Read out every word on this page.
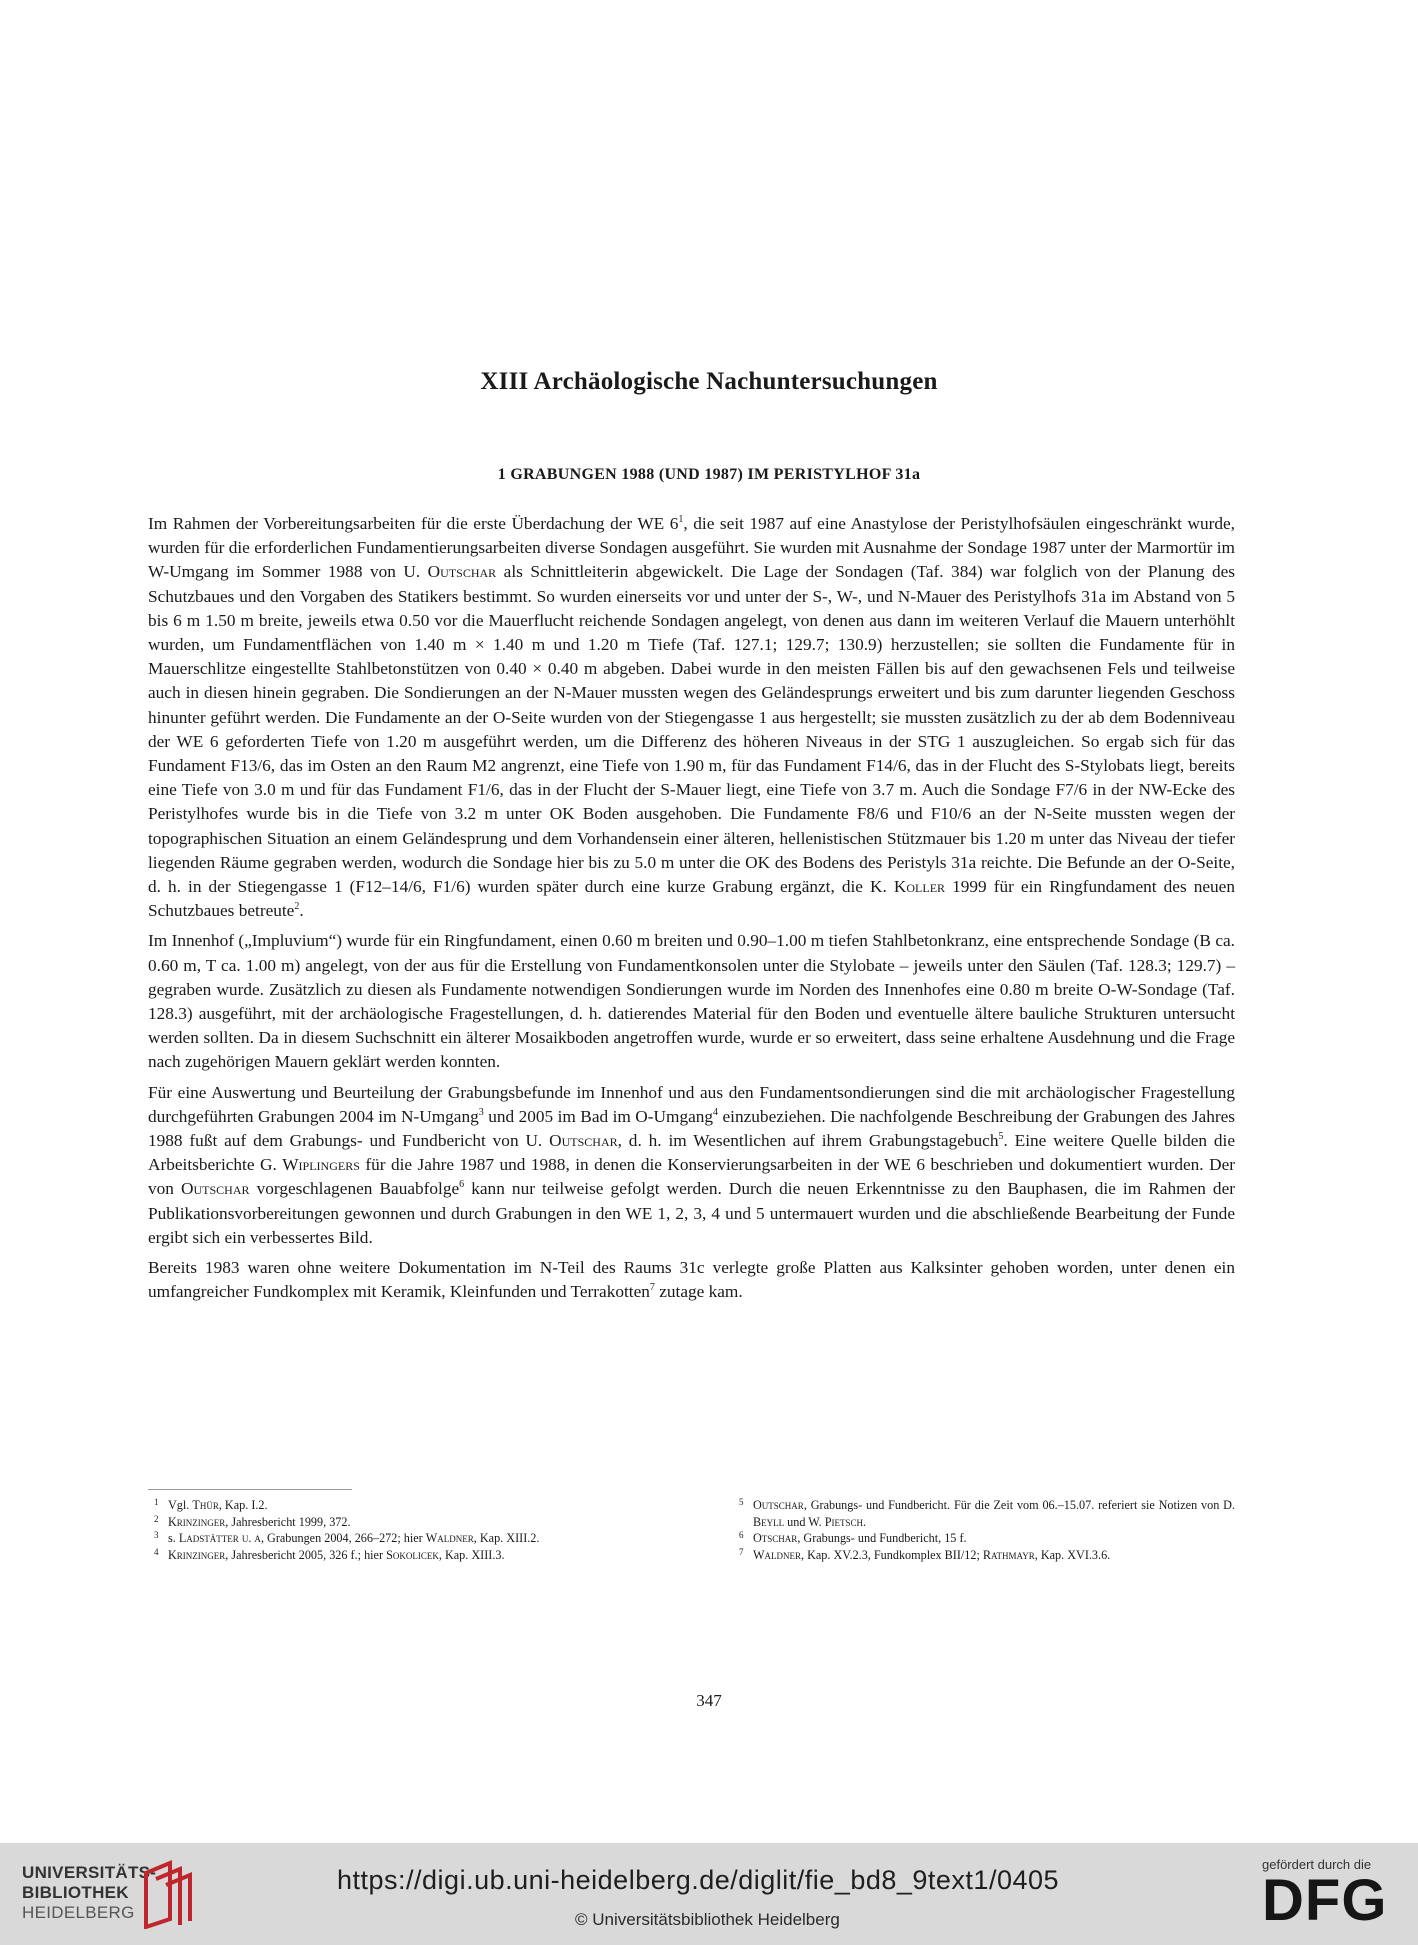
XIII Archäologische Nachuntersuchungen
1 GRABUNGEN 1988 (UND 1987) IM PERISTYLHOF 31a

Im Rahmen der Vorbereitungsarbeiten für die erste Überdachung der WE $6^1$, die seit 1987 auf eine Anastylose der Peristylhofsäulen eingeschränkt wurde, wurden für die erforderlichen Fundamentierungsarbeiten diverse Sondagen ausgeführt. Sie wurden mit Ausnahme der Sondage 1987 unter der Marmortür im W-Umgang im Sommer 1988 von U. Outschar als Schnittleiterin abgewickelt. Die Lage der Sondagen (Taf. 384) war folglich von der Planung des Schutzbaues und den Vorgaben des Statikers bestimmt. So wurden einerseits vor und unter der S-, W-, und N-Mauer des Peristylhofs 31a im Abstand von 5 bis 6 m 1.50 m breite, jeweils etwa 0.50 vor die Mauerflucht reichende Sondagen angelegt, von denen aus dann im weiteren Verlauf die Mauern unterhöhlt wurden, um Fundamentflächen von 1.40 m × 1.40 m und 1.20 m Tiefe (Taf. 127.1; 129.7; 130.9) herzustellen; sie sollten die Fundamente für in Mauerschlitze eingestellte Stahlbetonstützen von 0.40 × 0.40 m abgeben. Dabei wurde in den meisten Fällen bis auf den gewachsenen Fels und teilweise auch in diesen hinein gegraben. Die Sondierungen an der N-Mauer mussten wegen des Geländesprungs erweitert und bis zum darunter liegenden Geschoss hinunter geführt werden. Die Fundamente an der O-Seite wurden von der Stiegengasse 1 aus hergestellt; sie mussten zusätzlich zu der ab dem Bodenniveau der WE 6 geforderten Tiefe von 1.20 m ausgeführt werden, um die Differenz des höheren Niveaus in der STG 1 auszugleichen. So ergab sich für das Fundament F13/6, das im Osten an den Raum M2 angrenzt, eine Tiefe von 1.90 m, für das Fundament F14/6, das in der Flucht des S-Stylobats liegt, bereits eine Tiefe von 3.0 m und für das Fundament F1/6, das in der Flucht der S-Mauer liegt, eine Tiefe von 3.7 m. Auch die Sondage F7/6 in der NW-Ecke des Peristylhofes wurde bis in die Tiefe von 3.2 m unter OK Boden ausgehoben. Die Fundamente F8/6 und F10/6 an der N-Seite mussten wegen der topographischen Situation an einem Geländesprung und dem Vorhandensein einer älteren, hellenistischen Stützmauer bis 1.20 m unter das Niveau der tiefer liegenden Räume gegraben werden, wodurch die Sondage hier bis zu 5.0 m unter die OK des Bodens des Peristyls 31a reichte. Die Befunde an der O-Seite, d. h. in der Stiegengasse 1 (F12–14/6, F1/6) wurden später durch eine kurze Grabung ergänzt, die K. Koller 1999 für ein Ringfundament des neuen Schutzbaues betreute$^2$.

Im Innenhof („Impluvium“) wurde für ein Ringfundament, einen 0.60 m breiten und 0.90–1.00 m tiefen Stahlbetonkranz, eine entsprechende Sondage (B ca. 0.60 m, T ca. 1.00 m) angelegt, von der aus für die Erstellung von Fundamentkonsolen unter die Stylobate – jeweils unter den Säulen (Taf. 128.3; 129.7) – gegraben wurde. Zusätzlich zu diesen als Fundamente notwendigen Sondierungen wurde im Norden des Innenhofes eine 0.80 m breite O-W-Sondage (Taf. 128.3) ausgeführt, mit der archäologische Fragestellungen, d. h. datierendes Material für den Boden und eventuelle ältere bauliche Strukturen untersucht werden sollten. Da in diesem Suchschnitt ein älterer Mosaikboden angetroffen wurde, wurde er so erweitert, dass seine erhaltene Ausdehnung und die Frage nach zugehörigen Mauern geklärt werden konnten.

Für eine Auswertung und Beurteilung der Grabungsbefunde im Innenhof und aus den Fundamentsondierungen sind die mit archäologischer Fragestellung durchgeführten Grabungen 2004 im N-Umgang$^3$ und 2005 im Bad im O-Umgang$^4$ einzubeziehen. Die nachfolgende Beschreibung der Grabungen des Jahres 1988 fußt auf dem Grabungs- und Fundbericht von U. Outschar, d. h. im Wesentlichen auf ihrem Grabungstagebuch$^5$. Eine weitere Quelle bilden die Arbeitsberichte G. Wiplingers für die Jahre 1987 und 1988, in denen die Konservierungsarbeiten in der WE 6 beschrieben und dokumentiert wurden. Der von Outschar vorgeschlagenen Bauabfolge$^6$ kann nur teilweise gefolgt werden. Durch die neuen Erkenntnisse zu den Bauphasen, die im Rahmen der Publikationsvorbereitungen gewonnen und durch Grabungen in den WE 1, 2, 3, 4 und 5 untermauert wurden und die abschließende Bearbeitung der Funde ergibt sich ein verbessertes Bild.

Bereits 1983 waren ohne weitere Dokumentation im N-Teil des Raums 31c verlegte große Platten aus Kalksinter gehoben worden, unter denen ein umfangreicher Fundkomplex mit Keramik, Kleinfunden und Terrakotten$^7$ zutage kam.

1 Vgl. Thür, Kap. I.2.
2 Krinzinger, Jahresbericht 1999, 372.
3 s. Ladstätter u. a, Grabungen 2004, 266–272; hier Waldner, Kap. XIII.2.
4 Krinzinger, Jahresbericht 2005, 326 f.; hier Sokolicek, Kap. XIII.3.
5 Outschar, Grabungs- und Fundbericht. Für die Zeit vom 06.–15.07. referiert sie Notizen von D. Beyll und W. Pietsch.
6 Otschar, Grabungs- und Fundbericht, 15 f.
7 Waldner, Kap. XV.2.3, Fundkomplex BII/12; Rathmayr, Kap. XVI.3.6.
347
UNIVERSITÄTS-
BIBLIOTHEK
HEIDELBERG
https://digi.ub.uni-heidelberg.de/diglit/fie_bd8_9text1/0405
© Universitätsbibliothek Heidelberg
gefördert durch die
DFG
